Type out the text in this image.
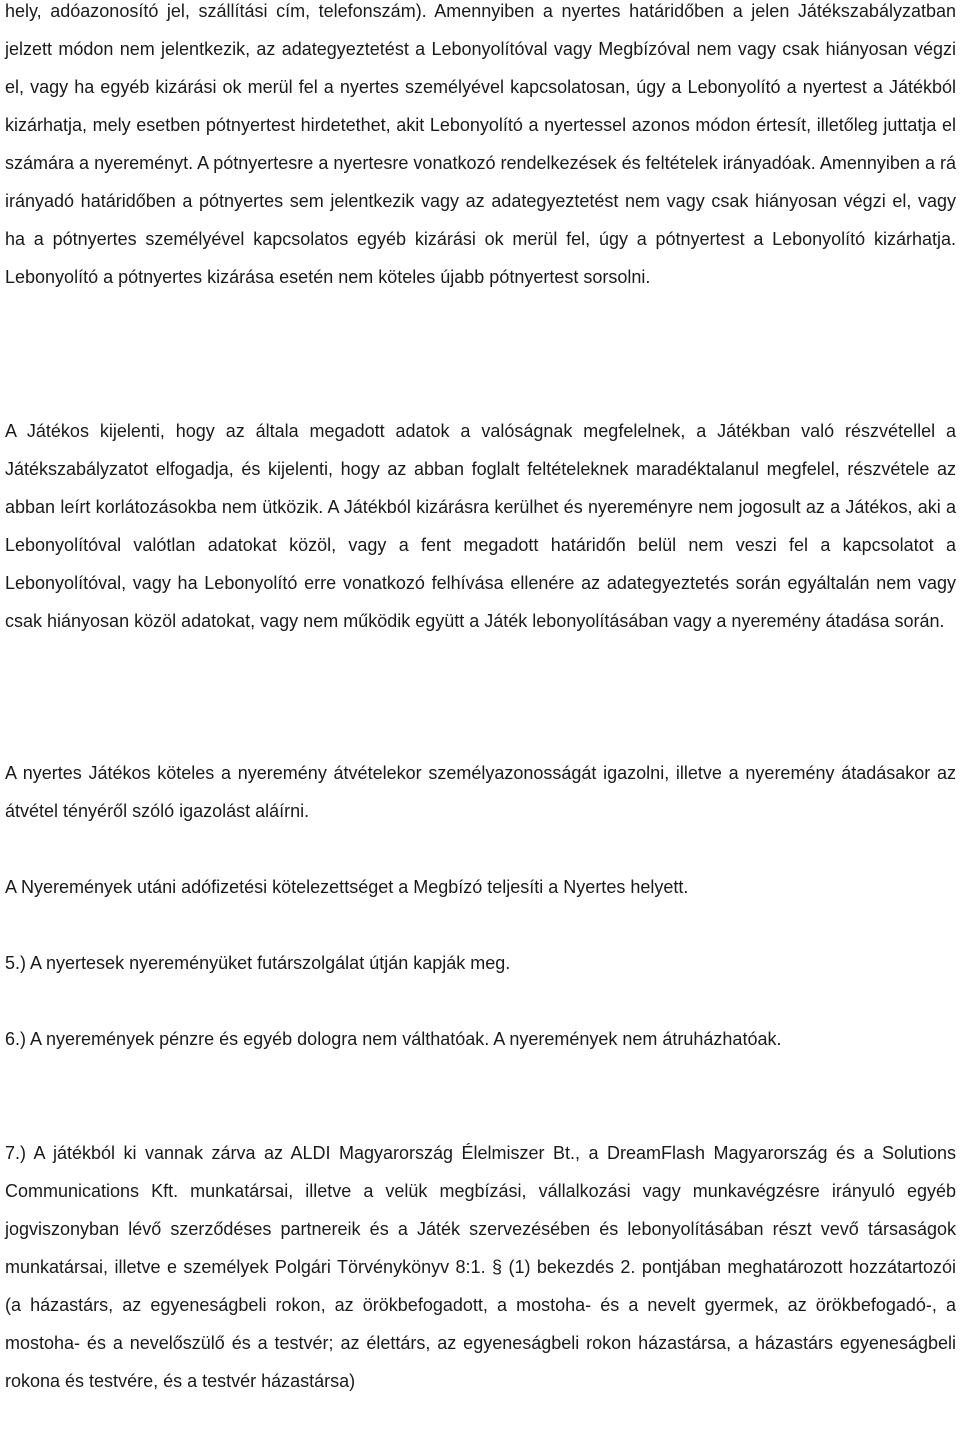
hely, adóazonosító jel, szállítási cím, telefonszám). Amennyiben a nyertes határidőben a jelen Játékszabályzatban jelzett módon nem jelentkezik, az adategyeztetést a Lebonyolítóval vagy Megbízóval nem vagy csak hiányosan végzi el, vagy ha egyéb kizárási ok merül fel a nyertes személyével kapcsolatosan, úgy a Lebonyolító a nyertest a Játékból kizárhatja, mely esetben pótnyertest hirdetethet, akit Lebonyolító a nyertessel azonos módon értesít, illetőleg juttatja el számára a nyereményt. A pótnyertesre a nyertesre vonatkozó rendelkezések és feltételek irányadóak. Amennyiben a rá irányadó határidőben a pótnyertes sem jelentkezik vagy az adategyeztetést nem vagy csak hiányosan végzi el, vagy ha a pótnyertes személyével kapcsolatos egyéb kizárási ok merül fel, úgy a pótnyertest a Lebonyolító kizárhatja. Lebonyolító a pótnyertes kizárása esetén nem köteles újabb pótnyertest sorsolni.

A Játékos kijelenti, hogy az általa megadott adatok a valóságnak megfelelnek, a Játékban való részvétellel a Játékszabályzatot elfogadja, és kijelenti, hogy az abban foglalt feltételeknek maradéktalanul megfelel, részvétele az abban leírt korlátozásokba nem ütközik. A Játékból kizárásra kerülhet és nyereményre nem jogosult az a Játékos, aki a Lebonyolítóval valótlan adatokat közöl, vagy a fent megadott határidőn belül nem veszi fel a kapcsolatot a Lebonyolítóval, vagy ha Lebonyolító erre vonatkozó felhívása ellenére az adategyeztetés során egyáltalán nem vagy csak hiányosan közöl adatokat, vagy nem működik együtt a Játék lebonyolításában vagy a nyeremény átadása során.

A nyertes Játékos köteles a nyeremény átvételekor személyazonosságát igazolni, illetve a nyeremény átadásakor az átvétel tényéről szóló igazolást aláírni.

A Nyeremények utáni adófizetési kötelezettséget a Megbízó teljesíti a Nyertes helyett.

5.) A nyertesek nyereményüket futárszolgálat útján kapják meg.

6.) A nyeremények pénzre és egyéb dologra nem válthatóak. A nyeremények nem átruházhatóak.

7.) A játékból ki vannak zárva az ALDI Magyarország Élelmiszer Bt., a DreamFlash Magyarország és a Solutions Communications Kft. munkatársai, illetve a velük megbízási, vállalkozási vagy munkavégzésre irányuló egyéb jogviszonyban lévő szerződéses partnereik és a Játék szervezésében és lebonyolításában részt vevő társaságok munkatársai, illetve e személyek Polgári Törvénykönyv 8:1. § (1) bekezdés 2. pontjában meghatározott hozzátartozói (a házastárs, az egyeneságbeli rokon, az örökbefogadott, a mostoha- és a nevelt gyermek, az örökbefogadó-, a mostoha- és a nevelőszülő és a testvér; az élettárs, az egyeneságbeli rokon házastársa, a házastárs egyeneságbeli rokona és testvére, és a testvér házastársa)
